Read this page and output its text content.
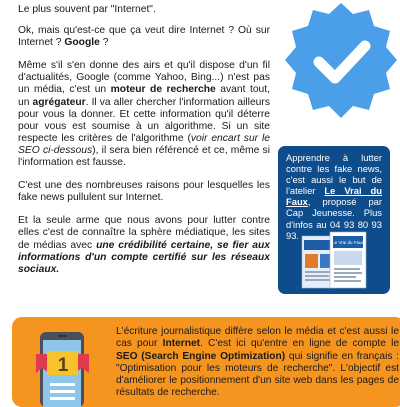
Le plus souvent par "Internet".

Ok, mais qu'est-ce que ça veut dire Internet ? Où sur Internet ? Google ?

Même s'il s'en donne des airs et qu'il dispose d'un fil d'actualités, Google (comme Yahoo, Bing...) n'est pas un média, c'est un moteur de recherche avant tout, un agrégateur. Il va aller chercher l'information ailleurs pour vous la donner. Et cette information qu'il déterre pour vous est soumise à un algorithme. Si un site respecte les critères de l'algorithme (voir encart sur le SEO ci-dessous), il sera bien référencé et ce, même si l'information est fausse.

C'est une des nombreuses raisons pour lesquelles les fake news pullulent sur Internet.

Et la seule arme que nous avons pour lutter contre elles c'est de connaître la sphère médiatique, les sites de médias avec une crédibilité certaine, se fier aux informations d'un compte certifié sur les réseaux sociaux.

Apprendre à lutter contre les fake news, c'est aussi le but de l'atelier Le Vrai du Faux, proposé par Cap Jeunesse. Plus d'infos au 04 93 80 93 93.

Le Vrai du Faux
1

L'écriture journalistique diffère selon le média et c'est aussi le cas pour Internet. C'est ici qu'entre en ligne de compte le SEO (Search Engine Optimization) qui signifie en français : "Optimisation pour les moteurs de recherche". L'objectif est d'améliorer le positionnement d'un site web dans les pages de résultats de recherche.
